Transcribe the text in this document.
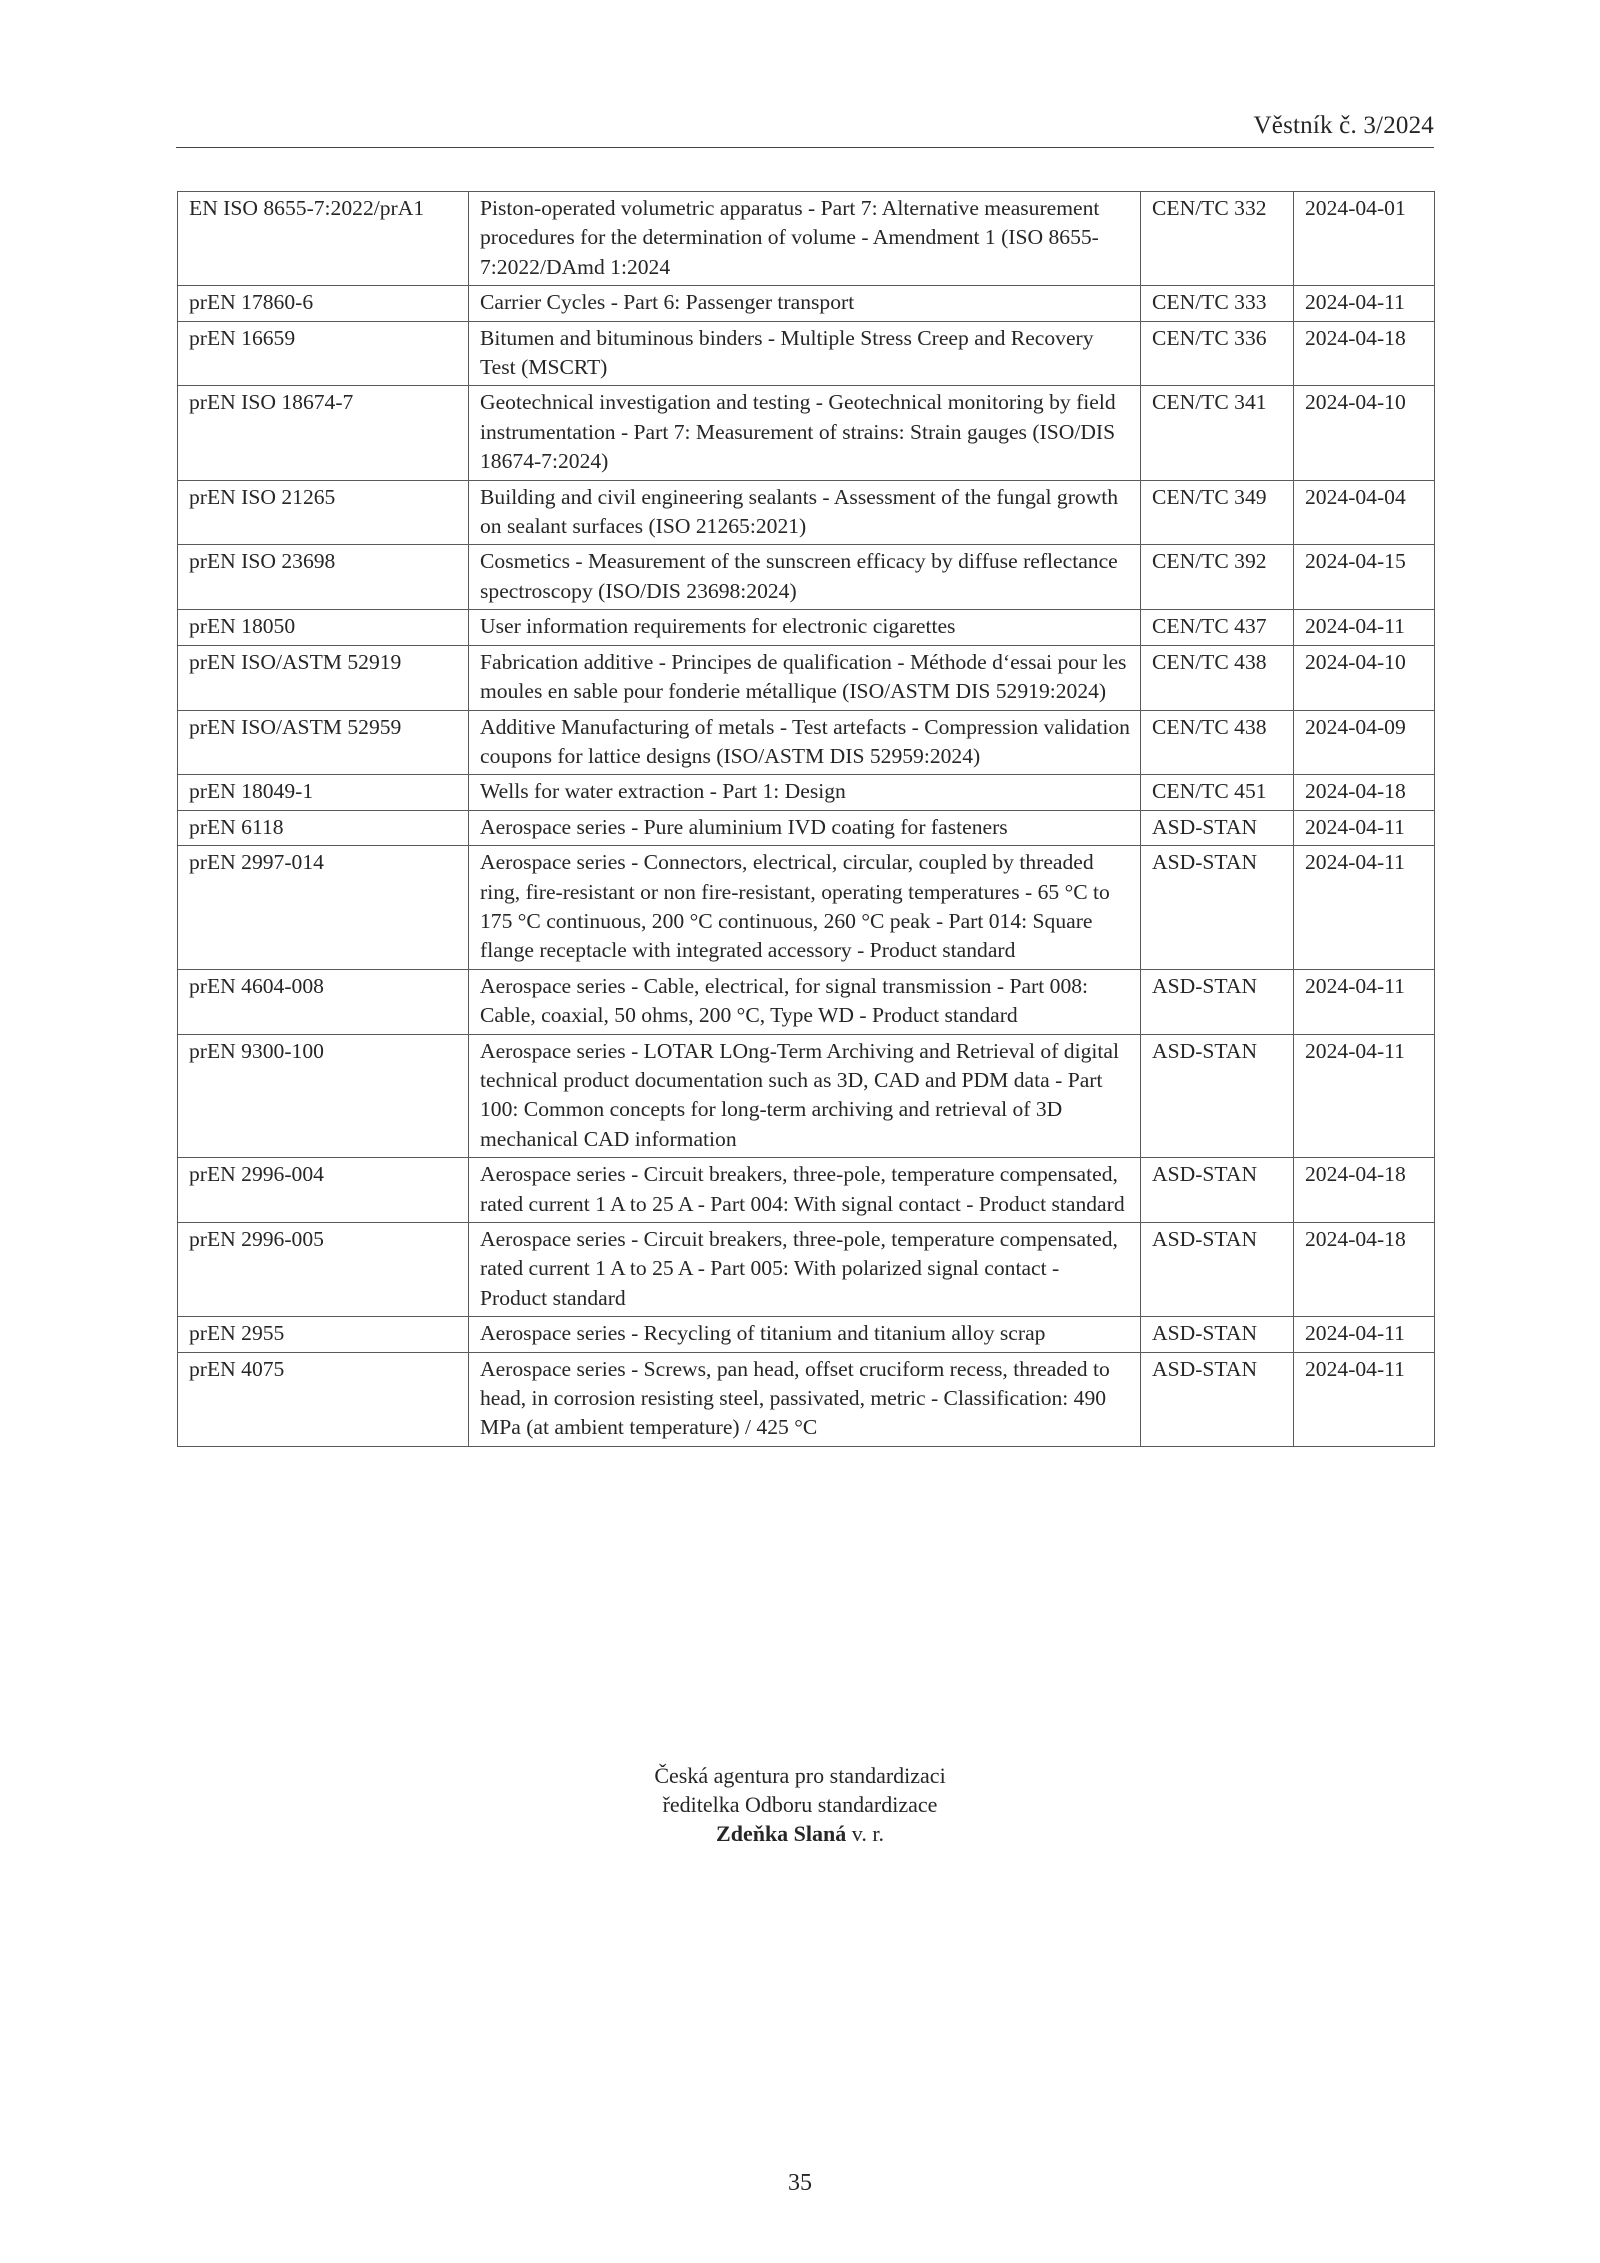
Věstník č. 3/2024
EN ISO 8655-7:2022/prA1	Piston-operated volumetric apparatus - Part 7: Alternative measurement procedures for the determination of volume - Amendment 1 (ISO 8655-7:2022/DAmd 1:2024	CEN/TC 332	2024-04-01
prEN 17860-6	Carrier Cycles - Part 6: Passenger transport	CEN/TC 333	2024-04-11
prEN 16659	Bitumen and bituminous binders - Multiple Stress Creep and Recovery Test (MSCRT)	CEN/TC 336	2024-04-18
prEN ISO 18674-7	Geotechnical investigation and testing - Geotechnical monitoring by field instrumentation - Part 7: Measurement of strains: Strain gauges (ISO/DIS 18674-7:2024)	CEN/TC 341	2024-04-10
prEN ISO 21265	Building and civil engineering sealants - Assessment of the fungal growth on sealant surfaces (ISO 21265:2021)	CEN/TC 349	2024-04-04
prEN ISO 23698	Cosmetics - Measurement of the sunscreen efficacy by diffuse reflectance spectroscopy (ISO/DIS 23698:2024)	CEN/TC 392	2024-04-15
prEN 18050	User information requirements for electronic cigarettes	CEN/TC 437	2024-04-11
prEN ISO/ASTM 52919	Fabrication additive - Principes de qualification - Méthode d‘essai pour les moules en sable pour fonderie métallique (ISO/ASTM DIS 52919:2024)	CEN/TC 438	2024-04-10
prEN ISO/ASTM 52959	Additive Manufacturing of metals - Test artefacts - Compression validation coupons for lattice designs (ISO/ASTM DIS 52959:2024)	CEN/TC 438	2024-04-09
prEN 18049-1	Wells for water extraction - Part 1: Design	CEN/TC 451	2024-04-18
prEN 6118	Aerospace series - Pure aluminium IVD coating for fasteners	ASD-STAN	2024-04-11
prEN 2997-014	Aerospace series - Connectors, electrical, circular, coupled by threaded ring, fire-resistant or non fire-resistant, operating temperatures - 65 °C to 175 °C continuous, 200 °C continuous, 260 °C peak - Part 014: Square flange receptacle with integrated accessory - Product standard	ASD-STAN	2024-04-11
prEN 4604-008	Aerospace series - Cable, electrical, for signal transmission - Part 008: Cable, coaxial, 50 ohms, 200 °C, Type WD - Product standard	ASD-STAN	2024-04-11
prEN 9300-100	Aerospace series - LOTAR LOng-Term Archiving and Retrieval of digital technical product documentation such as 3D, CAD and PDM data - Part 100: Common concepts for long-term archiving and retrieval of 3D mechanical CAD information	ASD-STAN	2024-04-11
prEN 2996-004	Aerospace series - Circuit breakers, three-pole, temperature compensated, rated current 1 A to 25 A - Part 004: With signal contact - Product standard	ASD-STAN	2024-04-18
prEN 2996-005	Aerospace series - Circuit breakers, three-pole, temperature compensated, rated current 1 A to 25 A - Part 005: With polarized signal contact - Product standard	ASD-STAN	2024-04-18
prEN 2955	Aerospace series - Recycling of titanium and titanium alloy scrap	ASD-STAN	2024-04-11
prEN 4075	Aerospace series - Screws, pan head, offset cruciform recess, threaded to head, in corrosion resisting steel, passivated, metric - Classification: 490 MPa (at ambient temperature) / 425 °C	ASD-STAN	2024-04-11
Česká agentura pro standardizaci
ředitelka Odboru standardizace
Zdeňka Slaná v. r.
35
